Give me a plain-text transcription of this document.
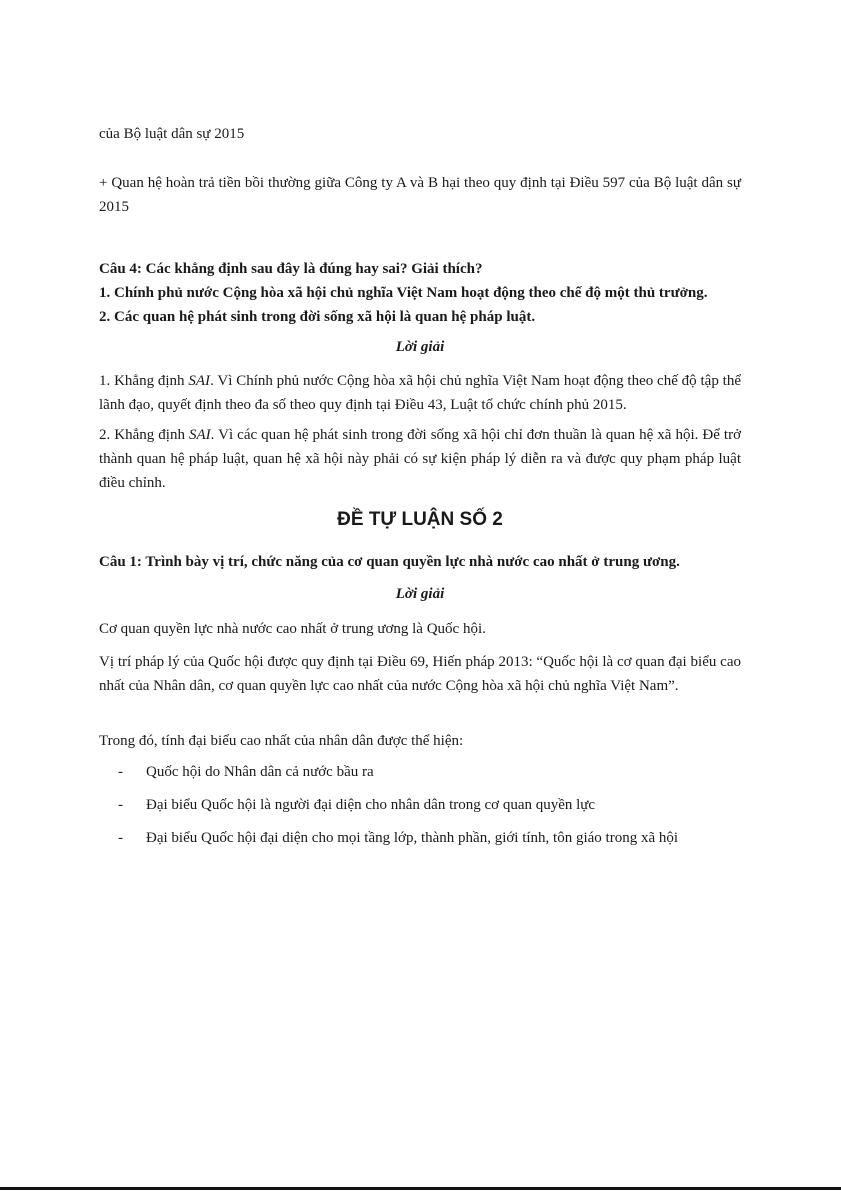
của Bộ luật dân sự 2015

+ Quan hệ hoàn trả tiền bồi thường giữa Công ty A và B hại theo quy định tại Điều 597 của Bộ luật dân sự 2015

Câu 4: Các khẳng định sau đây là đúng hay sai? Giải thích?

1. Chính phủ nước Cộng hòa xã hội chủ nghĩa Việt Nam hoạt động theo chế độ một thủ trưởng.

2. Các quan hệ phát sinh trong đời sống xã hội là quan hệ pháp luật.

Lời giải

1. Khẳng định SAI. Vì Chính phủ nước Cộng hòa xã hội chủ nghĩa Việt Nam hoạt động theo chế độ tập thể lãnh đạo, quyết định theo đa số theo quy định tại Điều 43, Luật tổ chức chính phủ 2015.

2. Khẳng định SAI. Vì các quan hệ phát sinh trong đời sống xã hội chỉ đơn thuần là quan hệ xã hội. Để trở thành quan hệ pháp luật, quan hệ xã hội này phải có sự kiện pháp lý diễn ra và được quy phạm pháp luật điều chỉnh.

ĐỀ TỰ LUẬN SỐ 2

Câu 1: Trình bày vị trí, chức năng của cơ quan quyền lực nhà nước cao nhất ở trung ương.

Lời giải

Cơ quan quyền lực nhà nước cao nhất ở trung ương là Quốc hội.

Vị trí pháp lý của Quốc hội được quy định tại Điều 69, Hiến pháp 2013: “Quốc hội là cơ quan đại biểu cao nhất của Nhân dân, cơ quan quyền lực cao nhất của nước Cộng hòa xã hội chủ nghĩa Việt Nam”.

Trong đó, tính đại biểu cao nhất của nhân dân được thể hiện:

- Quốc hội do Nhân dân cả nước bầu ra
- Đại biểu Quốc hội là người đại diện cho nhân dân trong cơ quan quyền lực
- Đại biểu Quốc hội đại diện cho mọi tầng lớp, thành phần, giới tính, tôn giáo trong xã hội
